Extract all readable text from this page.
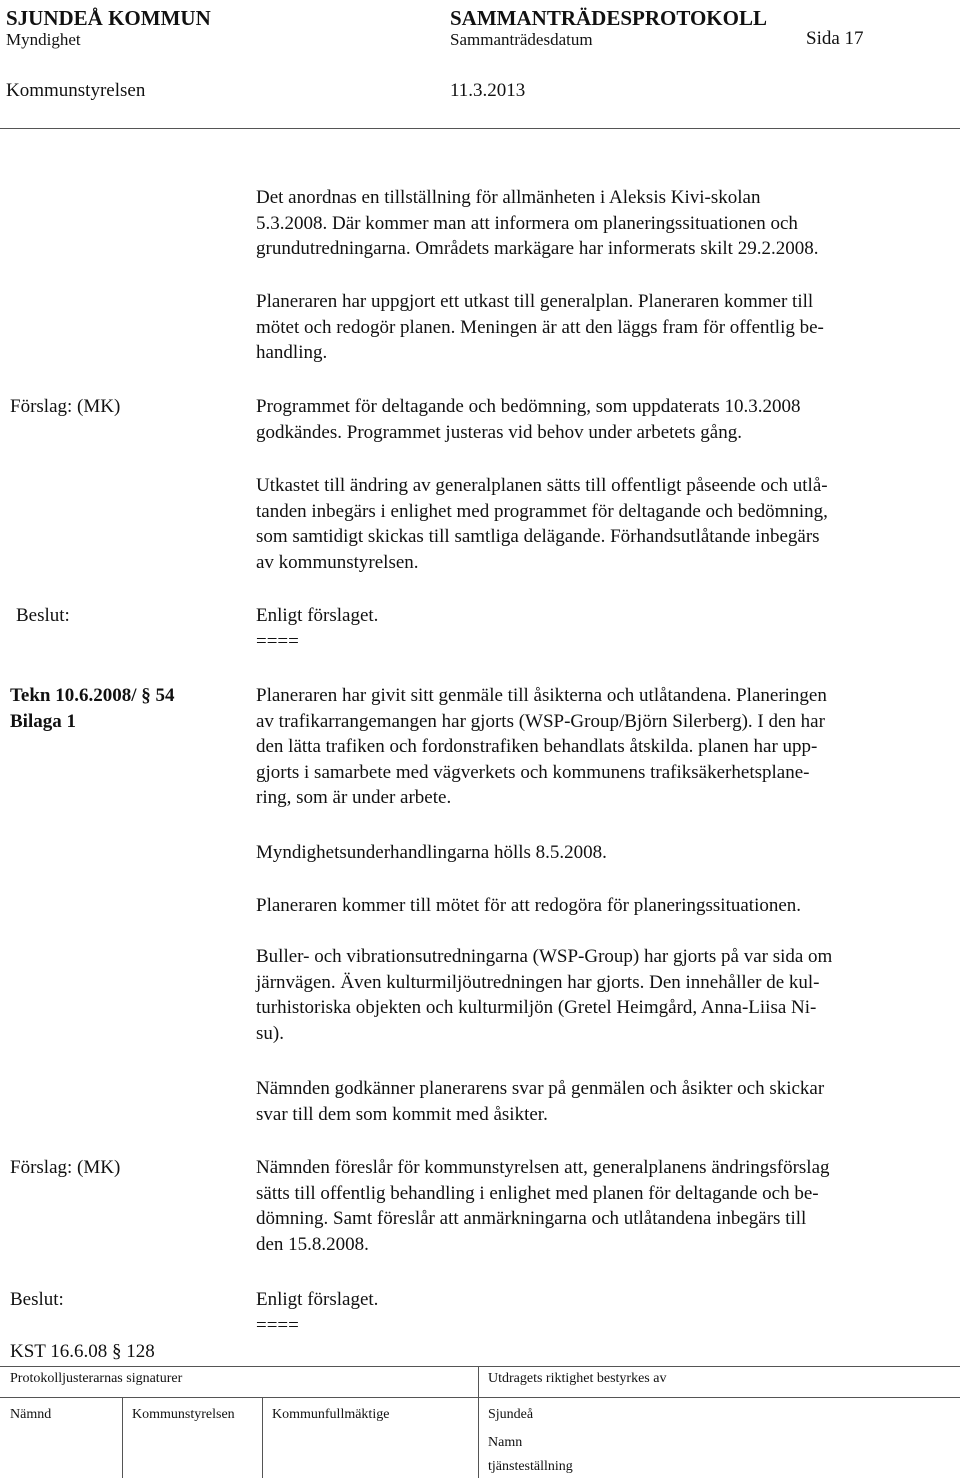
SJUNDEÅ KOMMUN	SAMMANTRÄDESPROTOKOLL
Myndighet	Sammanträdesdatum	Sida 17
Kommunstyrelsen	11.3.2013

Det anordnas en tillställning för allmänheten i Aleksis Kivi-skolan
5.3.2008. Där kommer man att informera om planeringssituationen och
grundutredningarna. Områdets markägare har informerats skilt 29.2.2008.

Planeraren har uppgjort ett utkast till generalplan. Planeraren kommer till
mötet och redogör planen. Meningen är att den läggs fram för offentlig be-
handling.

Förslag: (MK)	Programmet för deltagande och bedömning, som uppdaterats 10.3.2008
godkändes. Programmet justeras vid behov under arbetets gång.

Utkastet till ändring av generalplanen sätts till offentligt påseende och utlå-
tanden inbegärs i enlighet med programmet för deltagande och bedömning,
som samtidigt skickas till samtliga delägande. Förhandsutlåtande inbegärs
av kommunstyrelsen.

Beslut:	Enligt förslaget.
====

Tekn 10.6.2008/ § 54
Bilaga 1

Planeraren har givit sitt genmäle till åsikterna och utlåtandena. Planeringen
av trafikarrangemangen har gjorts (WSP-Group/Björn Silerberg). I den har
den lätta trafiken och fordonstrafiken behandlats åtskilda. planen har upp-
gjorts i samarbete med vägverkets och kommunens trafiksäkerhetsplane-
ring, som är under arbete.

Myndighetsunderhandlingarna hölls 8.5.2008.

Planeraren kommer till mötet för att redogöra för planeringssituationen.

Buller- och vibrationsutredningarna (WSP-Group) har gjorts på var sida om
järnvägen. Även kulturmiljöutredningen har gjorts. Den innehåller de kul-
turhistoriska objekten och kulturmiljön (Gretel Heimgård, Anna-Liisa Ni-
su).

Nämnden godkänner planerarens svar på genmälen och åsikter och skickar
svar till dem som kommit med åsikter.

Förslag: (MK)	Nämnden föreslår för kommunstyrelsen att, generalplanens ändringsförslag
sätts till offentlig behandling i enlighet med planen för deltagande och be-
dömning. Samt föreslår att anmärkningarna och utlåtandena inbegärs till
den 15.8.2008.

Beslut:	Enligt förslaget.
====

KST 16.6.08 § 128
Protokolljusterarnas signaturer	Utdragets riktighet bestyrkes av
Nämnd	Kommunstyrelsen	Kommunfullmäktige	Sjundeå
Namn
tjänsteställning
